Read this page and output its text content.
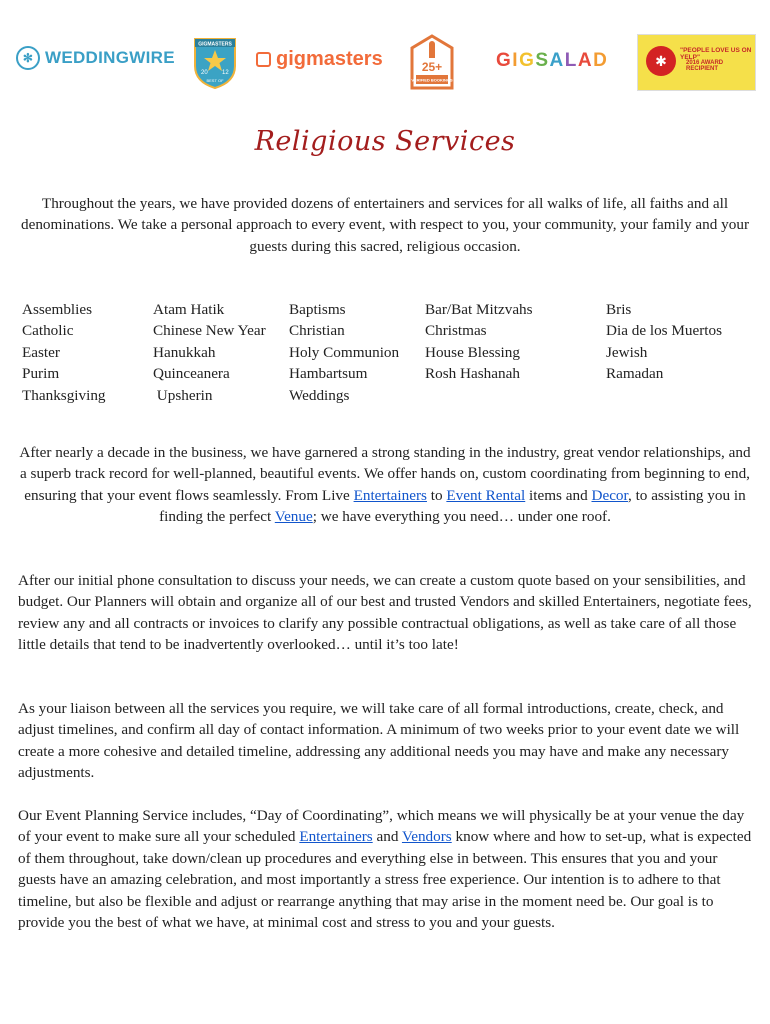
✻ WEDDINGWIRE
GIGMASTERS
20 12
BEST OF
gigmasters	25+
VERIFIED BOOKINGS
GIGSALAD	✱
"PEOPLE LOVE US ON YELP"
2016 AWARD RECIPIENT
Religious Services
Throughout the years, we have provided dozens of entertainers and services for all walks of life, all faiths and all denominations. We take a personal approach to every event, with respect to you, your community, your family and your guests during this sacred, religious occasion.
Assemblies
Catholic
Easter
Purim
Thanksgiving
Atam Hatik
Chinese New Year
Hanukkah
Quinceanera
Upsherin
Baptisms
Christian
Holy Communion
Hambartsum
Weddings
Bar/Bat Mitzvahs
Christmas
House Blessing
Rosh Hashanah
Bris
Dia de los Muertos
Jewish
Ramadan
After nearly a decade in the business, we have garnered a strong standing in the industry, great vendor relationships, and a superb track record for well-planned, beautiful events. We offer hands on, custom coordinating from beginning to end, ensuring that your event flows seamlessly. From Live Entertainers to Event Rental items and Decor, to assisting you in finding the perfect Venue; we have everything you need… under one roof.
After our initial phone consultation to discuss your needs, we can create a custom quote based on your sensibilities, and budget. Our Planners will obtain and organize all of our best and trusted Vendors and skilled Entertainers, negotiate fees, review any and all contracts or invoices to clarify any possible contractual obligations, as well as take care of all those little details that tend to be inadvertently overlooked… until it’s too late!
As your liaison between all the services you require, we will take care of all formal introductions, create, check, and adjust timelines, and confirm all day of contact information. A minimum of two weeks prior to your event date we will create a more cohesive and detailed timeline, addressing any additional needs you may have and make any necessary adjustments.
Our Event Planning Service includes, “Day of Coordinating”, which means we will physically be at your venue the day of your event to make sure all your scheduled Entertainers and Vendors know where and how to set-up, what is expected of them throughout, take down/clean up procedures and everything else in between. This ensures that you and your guests have an amazing celebration, and most importantly a stress free experience. Our intention is to adhere to that timeline, but also be flexible and adjust or rearrange anything that may arise in the moment need be. Our goal is to provide you the best of what we have, at minimal cost and stress to you and your guests.
